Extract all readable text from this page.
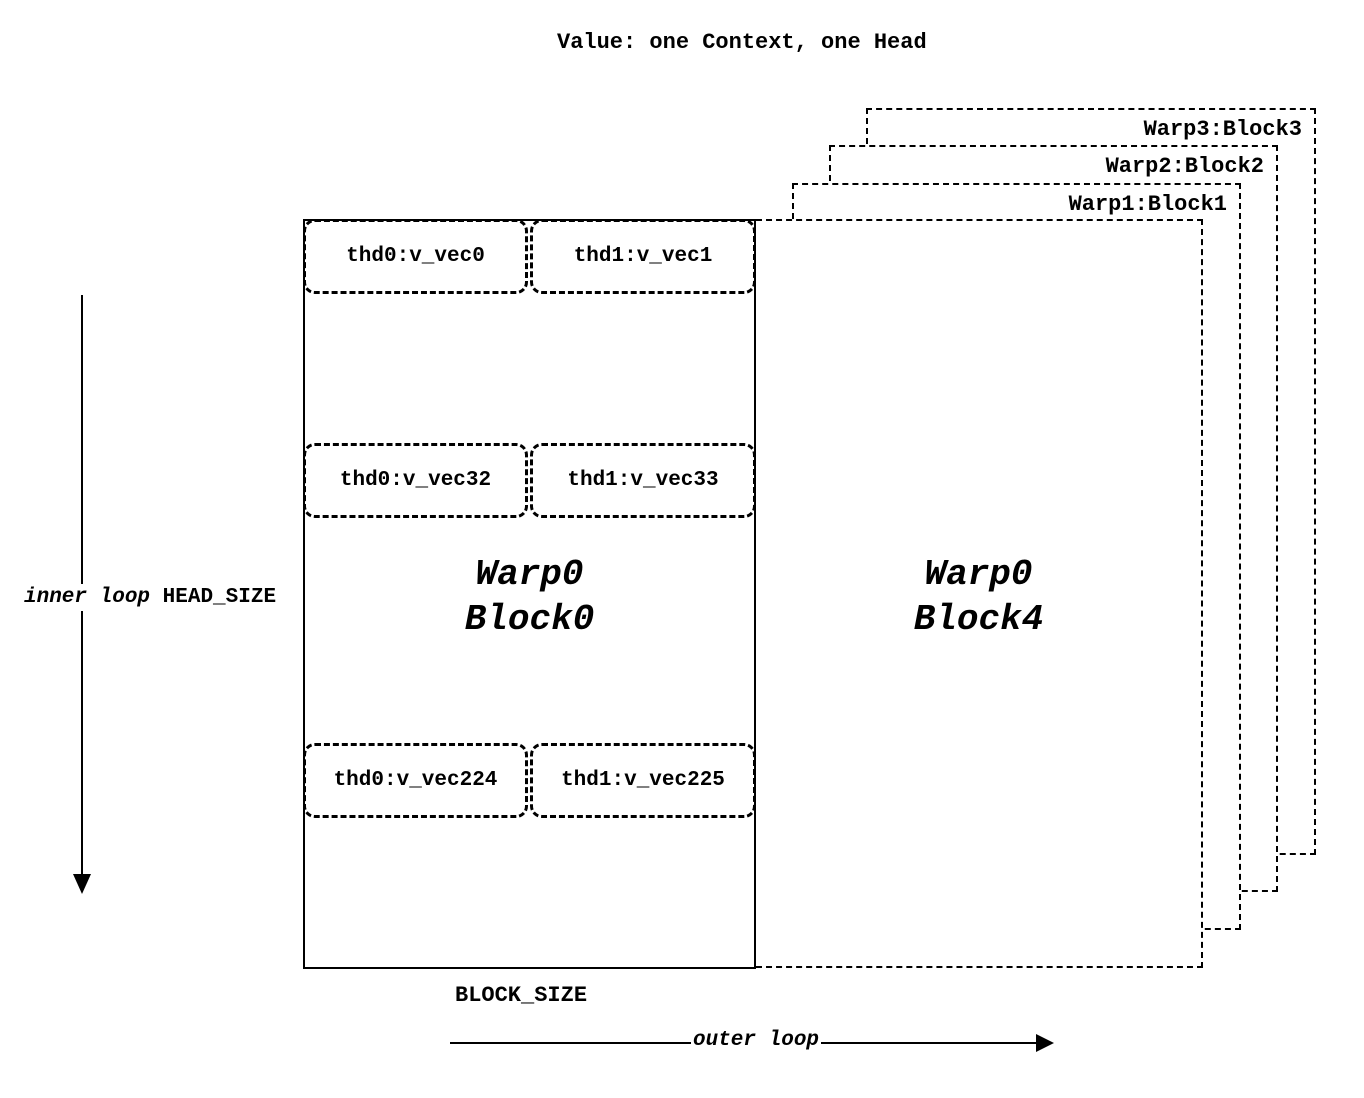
Value: one Context, one Head
Warp3:Block3
Warp2:Block2
Warp1:Block1
Warp0
Block4
thd0:v_vec0	thd1:v_vec1
thd0:v_vec32	thd1:v_vec33
thd0:v_vec224	thd1:v_vec225
Warp0
Block0
inner loop HEAD_SIZE
BLOCK_SIZE
outer loop
